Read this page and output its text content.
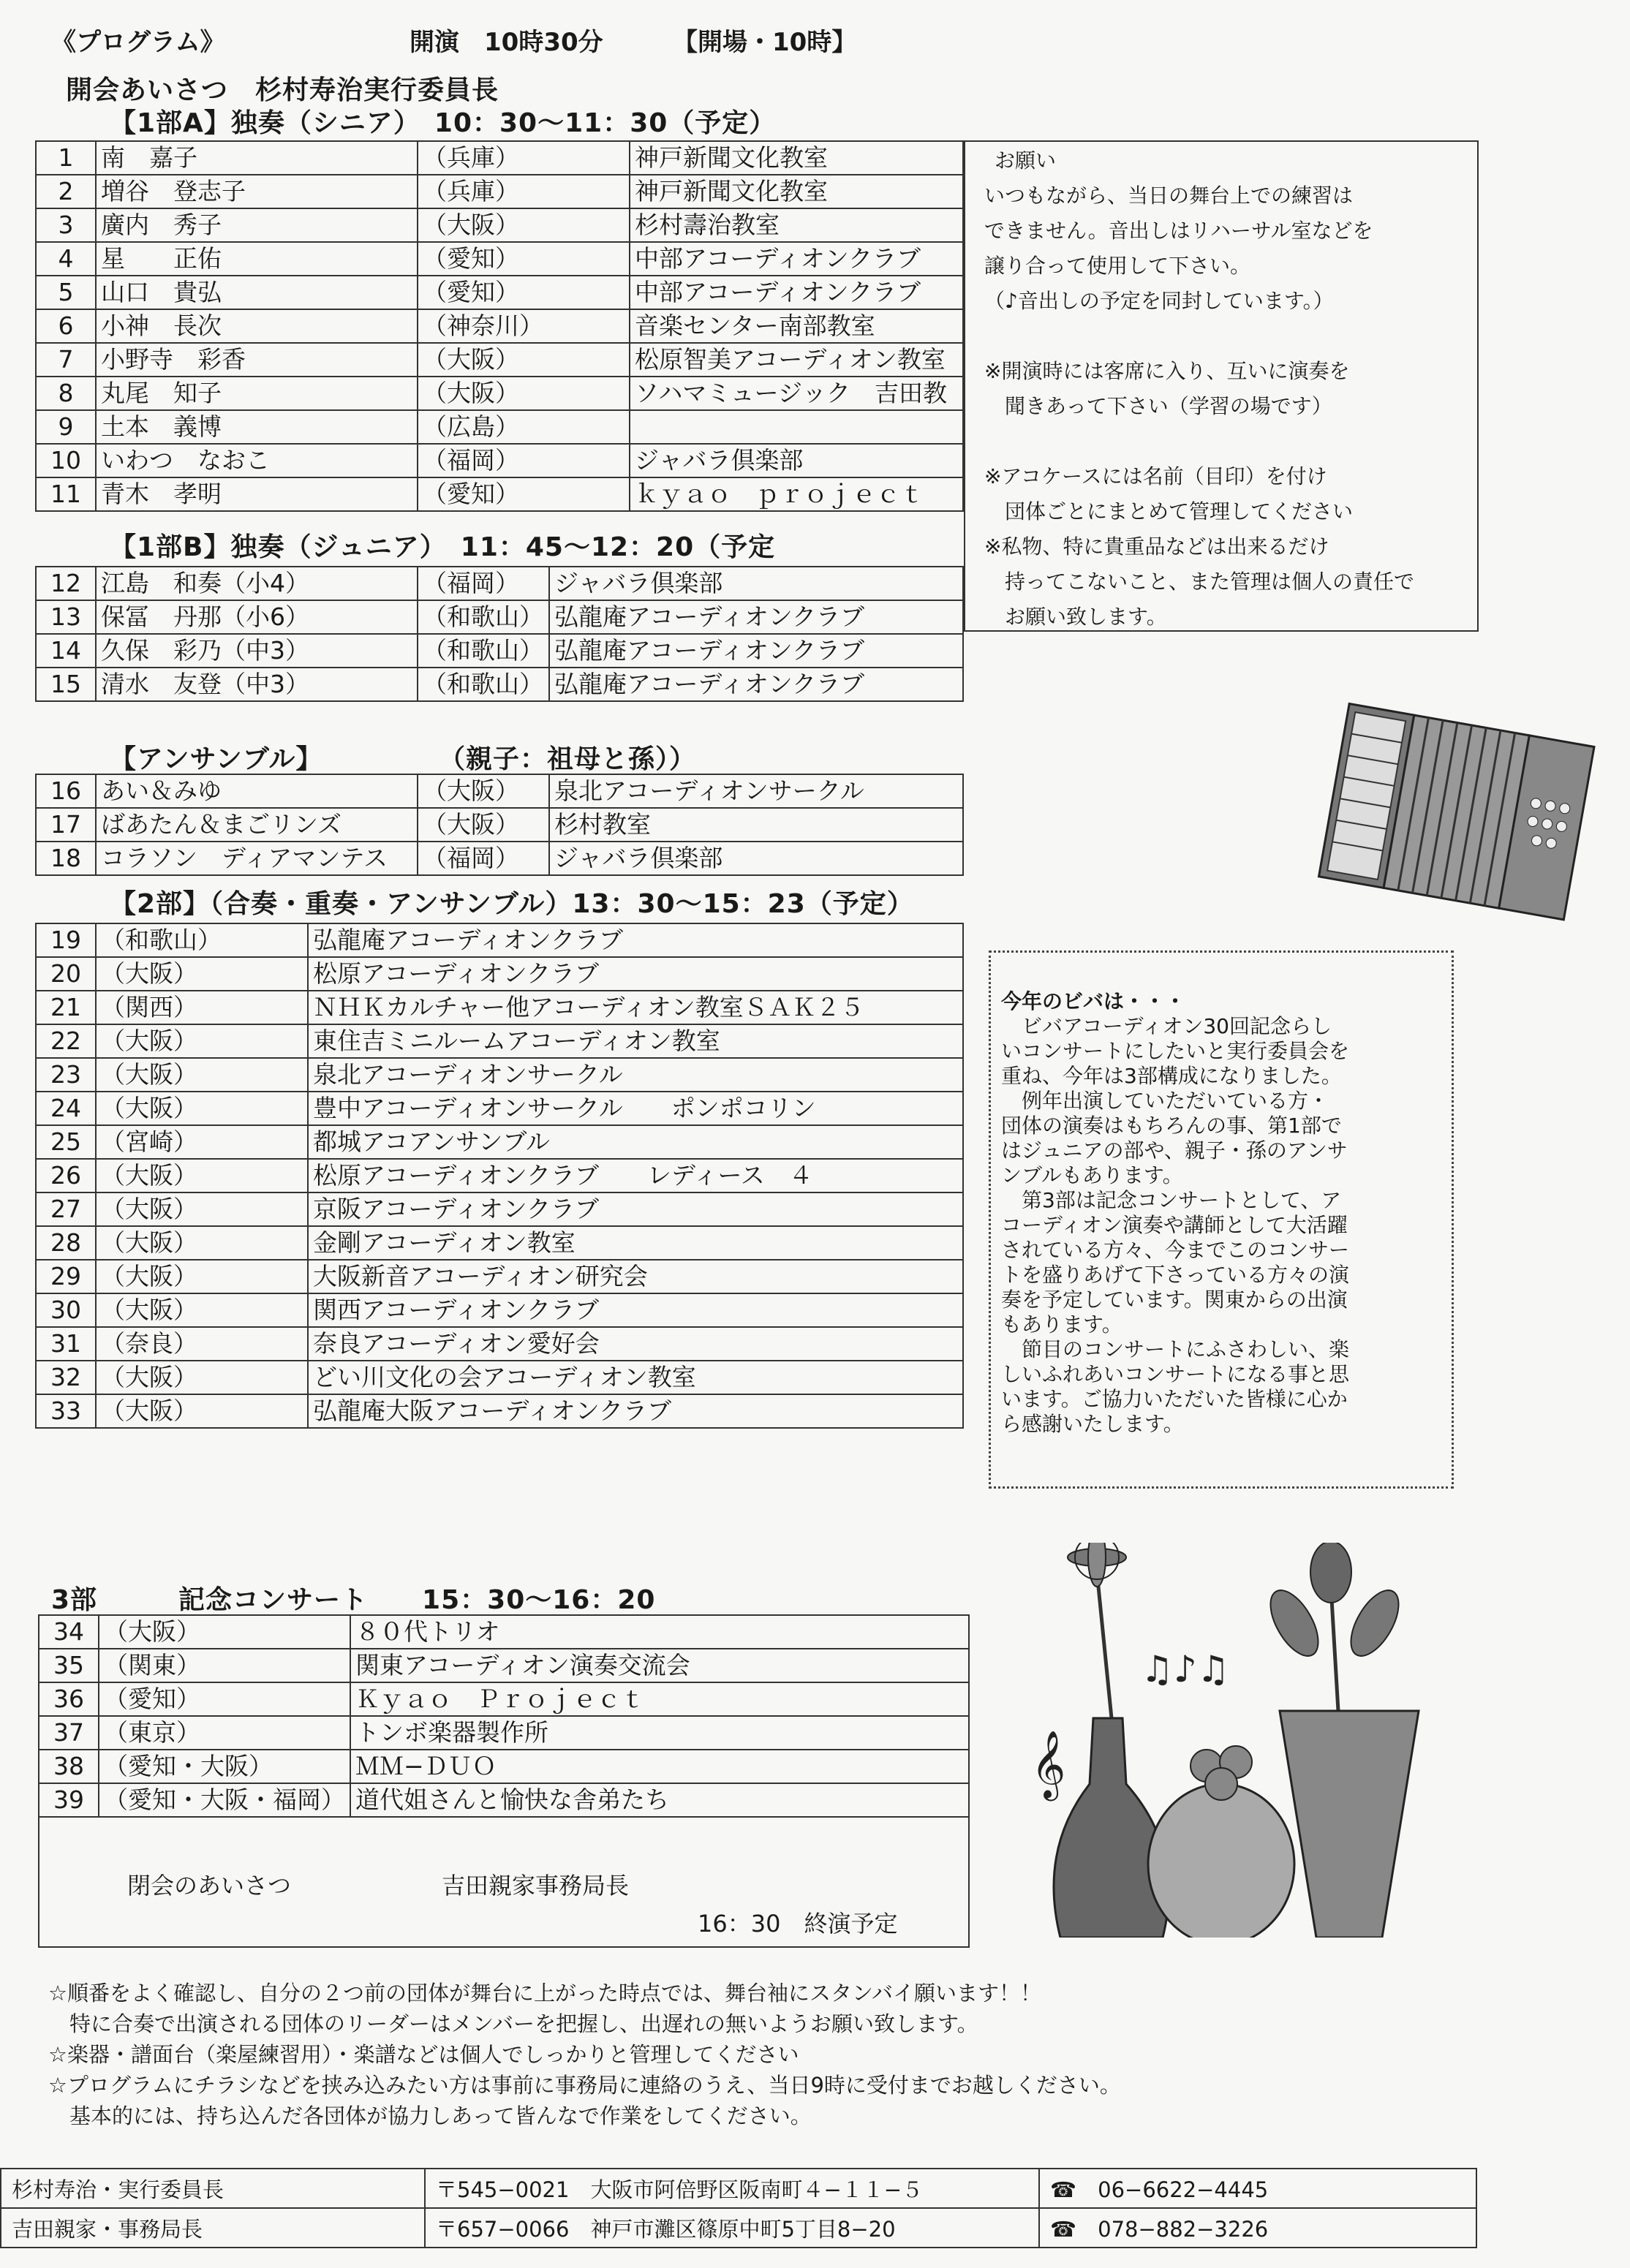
《プログラム》	開演　10時30分	【開場・10時】
開会あいさつ　杉村寿治実行委員長
【1部A】独奏（シニア）　10：30〜11：30（予定）
1	南　嘉子	（兵庫）	神戸新聞文化教室
2	増谷　登志子	（兵庫）	神戸新聞文化教室
3	廣内　秀子	（大阪）	杉村壽治教室
4	星　　正佑	（愛知）	中部アコーディオンクラブ
5	山口　貴弘	（愛知）	中部アコーディオンクラブ
6	小神　長次	（神奈川）	音楽センター南部教室
7	小野寺　彩香	（大阪）	松原智美アコーディオン教室
8	丸尾　知子	（大阪）	ソハマミュージック　吉田教
9	土本　義博	（広島）	
10	いわつ　なおこ	（福岡）	ジャバラ倶楽部
11	青木　孝明	（愛知）	ｋｙａｏ　ｐｒｏｊｅｃｔ
お願い
いつもながら、当日の舞台上での練習は
できません。音出しはリハーサル室などを
譲り合って使用して下さい。
（♪音出しの予定を同封しています。）

※開演時には客席に入り、互いに演奏を
　聞きあって下さい（学習の場です）

※アコケースには名前（目印）を付け
　団体ごとにまとめて管理してください
※私物、特に貴重品などは出来るだけ
　持ってこないこと、また管理は個人の責任で
　お願い致します。
【1部B】独奏（ジュニア）　11：45〜12：20（予定
12	江島　和奏（小4）	（福岡）	ジャバラ倶楽部
13	保冨　丹那（小6）	（和歌山）	弘龍庵アコーディオンクラブ
14	久保　彩乃（中3）	（和歌山）	弘龍庵アコーディオンクラブ
15	清水　友登（中3）	（和歌山）	弘龍庵アコーディオンクラブ
【アンサンブル】	（親子：祖母と孫））
16	あい＆みゆ	（大阪）	泉北アコーディオンサークル
17	ばあたん＆まごリンズ	（大阪）	杉村教室
18	コラソン　ディアマンテス	（福岡）	ジャバラ倶楽部
【2部】（合奏・重奏・アンサンブル）13：30〜15：23（予定）
19	（和歌山）	弘龍庵アコーディオンクラブ
20	（大阪）	松原アコーディオンクラブ
21	（関西）	ＮＨＫカルチャー他アコーディオン教室ＳＡＫ２５
22	（大阪）	東住吉ミニルームアコーディオン教室
23	（大阪）	泉北アコーディオンサークル
24	（大阪）	豊中アコーディオンサークル　　ポンポコリン
25	（宮崎）	都城アコアンサンブル
26	（大阪）	松原アコーディオンクラブ　　レディース　４
27	（大阪）	京阪アコーディオンクラブ
28	（大阪）	金剛アコーディオン教室
29	（大阪）	大阪新音アコーディオン研究会
30	（大阪）	関西アコーディオンクラブ
31	（奈良）	奈良アコーディオン愛好会
32	（大阪）	どい川文化の会アコーディオン教室
33	（大阪）	弘龍庵大阪アコーディオンクラブ
今年のビバは・・・
　ビバアコーディオン30回記念らし
いコンサートにしたいと実行委員会を
重ね、今年は3部構成になりました。
　例年出演していただいている方・
団体の演奏はもちろんの事、第1部で
はジュニアの部や、親子・孫のアンサ
ンブルもあります。
　第3部は記念コンサートとして、ア
コーディオン演奏や講師として大活躍
されている方々、今までこのコンサー
トを盛りあげて下さっている方々の演
奏を予定しています。関東からの出演
もあります。
　節目のコンサートにふさわしい、楽
しいふれあいコンサートになる事と思
います。ご協力いただいた皆様に心か
ら感謝いたします。
3部　　　記念コンサート　　15：30〜16：20
34	（大阪）	８０代トリオ
35	（関東）	関東アコーディオン演奏交流会
36	（愛知）	Ｋｙａｏ　Ｐｒｏｊｅｃｔ
37	（東京）	トンボ楽器製作所
38	（愛知・大阪）	ＭＭ−ＤＵＯ
39	（愛知・大阪・福岡）	道代姐さんと愉快な舎弟たち
閉会のあいさつ	吉田親家事務局長
16：30　終演予定
𝄞
♫♪♫
☆順番をよく確認し、自分の２つ前の団体が舞台に上がった時点では、舞台袖にスタンバイ願います！！
　特に合奏で出演される団体のリーダーはメンバーを把握し、出遅れの無いようお願い致します。
☆楽器・譜面台（楽屋練習用）・楽譜などは個人でしっかりと管理してください
☆プログラムにチラシなどを挟み込みたい方は事前に事務局に連絡のうえ、当日9時に受付までお越しください。
　基本的には、持ち込んだ各団体が協力しあって皆んなで作業をしてください。
杉村寿治・実行委員長	〒545−0021　大阪市阿倍野区阪南町４−１１−５	☎　06−6622−4445
吉田親家・事務局長	〒657−0066　神戸市灘区篠原中町5丁目8−20	☎　078−882−3226
